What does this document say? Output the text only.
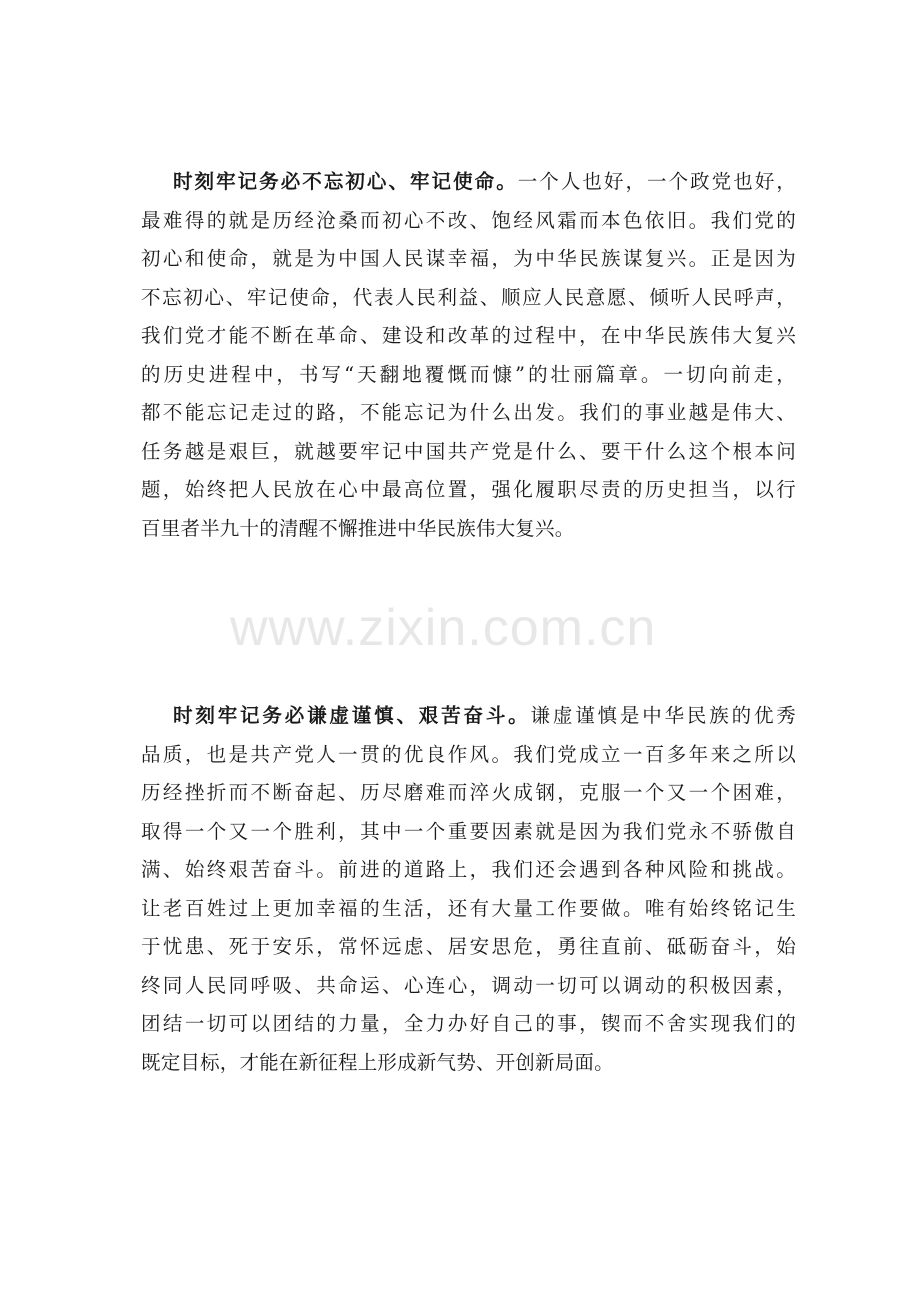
www.zixin.com.cn
时刻牢记务必不忘初心、牢记使命。一个人也好，一个政党也好，
最难得的就是历经沧桑而初心不改、饱经风霜而本色依旧。我们党的
初心和使命，就是为中国人民谋幸福，为中华民族谋复兴。正是因为
不忘初心、牢记使命，代表人民利益、顺应人民意愿、倾听人民呼声，
我们党才能不断在革命、建设和改革的过程中，在中华民族伟大复兴
的历史进程中，书写“天翻地覆慨而慷”的壮丽篇章。一切向前走，
都不能忘记走过的路，不能忘记为什么出发。我们的事业越是伟大、
任务越是艰巨，就越要牢记中国共产党是什么、要干什么这个根本问
题，始终把人民放在心中最高位置，强化履职尽责的历史担当，以行
百里者半九十的清醒不懈推进中华民族伟大复兴。
时刻牢记务必谦虚谨慎、艰苦奋斗。谦虚谨慎是中华民族的优秀
品质，也是共产党人一贯的优良作风。我们党成立一百多年来之所以
历经挫折而不断奋起、历尽磨难而淬火成钢，克服一个又一个困难，
取得一个又一个胜利，其中一个重要因素就是因为我们党永不骄傲自
满、始终艰苦奋斗。前进的道路上，我们还会遇到各种风险和挑战。
让老百姓过上更加幸福的生活，还有大量工作要做。唯有始终铭记生
于忧患、死于安乐，常怀远虑、居安思危，勇往直前、砥砺奋斗，始
终同人民同呼吸、共命运、心连心，调动一切可以调动的积极因素，
团结一切可以团结的力量，全力办好自己的事，锲而不舍实现我们的
既定目标，才能在新征程上形成新气势、开创新局面。
